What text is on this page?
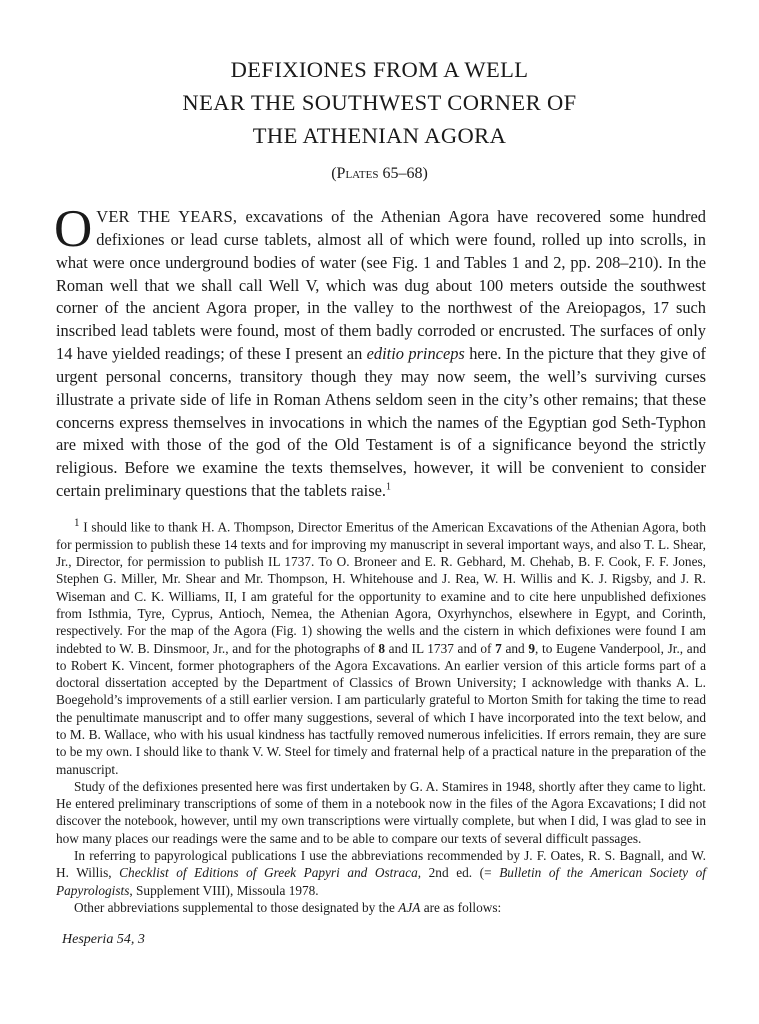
DEFIXIONES FROM A WELL
NEAR THE SOUTHWEST CORNER OF
THE ATHENIAN AGORA
(Plates 65–68)

OVER THE YEARS, excavations of the Athenian Agora have recovered some hundred defixiones or lead curse tablets, almost all of which were found, rolled up into scrolls, in what were once underground bodies of water (see Fig. 1 and Tables 1 and 2, pp. 208–210). In the Roman well that we shall call Well V, which was dug about 100 meters outside the southwest corner of the ancient Agora proper, in the valley to the northwest of the Areiopagos, 17 such inscribed lead tablets were found, most of them badly corroded or encrusted. The surfaces of only 14 have yielded readings; of these I present an editio princeps here. In the picture that they give of urgent personal concerns, transitory though they may now seem, the well’s surviving curses illustrate a private side of life in Roman Athens seldom seen in the city’s other remains; that these concerns express themselves in invocations in which the names of the Egyptian god Seth-Typhon are mixed with those of the god of the Old Testament is of a significance beyond the strictly religious. Before we examine the texts themselves, however, it will be convenient to consider certain preliminary questions that the tablets raise.$^1$

$^1$ I should like to thank H. A. Thompson, Director Emeritus of the American Excavations of the Athenian Agora, both for permission to publish these 14 texts and for improving my manuscript in several important ways, and also T. L. Shear, Jr., Director, for permission to publish IL 1737. To O. Broneer and E. R. Gebhard, M. Chehab, B. F. Cook, F. F. Jones, Stephen G. Miller, Mr. Shear and Mr. Thompson, H. Whitehouse and J. Rea, W. H. Willis and K. J. Rigsby, and J. R. Wiseman and C. K. Williams, II, I am grateful for the opportunity to examine and to cite here unpublished defixiones from Isthmia, Tyre, Cyprus, Antioch, Nemea, the Athenian Agora, Oxyrhynchos, elsewhere in Egypt, and Corinth, respectively. For the map of the Agora (Fig. 1) showing the wells and the cistern in which defixiones were found I am indebted to W. B. Dinsmoor, Jr., and for the photographs of 8 and IL 1737 and of 7 and 9, to Eugene Vanderpool, Jr., and to Robert K. Vincent, former photographers of the Agora Excavations. An earlier version of this article forms part of a doctoral dissertation accepted by the Department of Classics of Brown University; I acknowledge with thanks A. L. Boegehold’s improvements of a still earlier version. I am particularly grateful to Morton Smith for taking the time to read the penultimate manuscript and to offer many suggestions, several of which I have incorporated into the text below, and to M. B. Wallace, who with his usual kindness has tactfully removed numerous infelicities. If errors remain, they are sure to be my own. I should like to thank V. W. Steel for timely and fraternal help of a practical nature in the preparation of the manuscript.

Study of the defixiones presented here was first undertaken by G. A. Stamires in 1948, shortly after they came to light. He entered preliminary transcriptions of some of them in a notebook now in the files of the Agora Excavations; I did not discover the notebook, however, until my own transcriptions were virtually complete, but when I did, I was glad to see in how many places our readings were the same and to be able to compare our texts of several difficult passages.

In referring to papyrological publications I use the abbreviations recommended by J. F. Oates, R. S. Bagnall, and W. H. Willis, Checklist of Editions of Greek Papyri and Ostraca, 2nd ed. (= Bulletin of the American Society of Papyrologists, Supplement VIII), Missoula 1978.

Other abbreviations supplemental to those designated by the AJA are as follows:

Hesperia 54, 3
